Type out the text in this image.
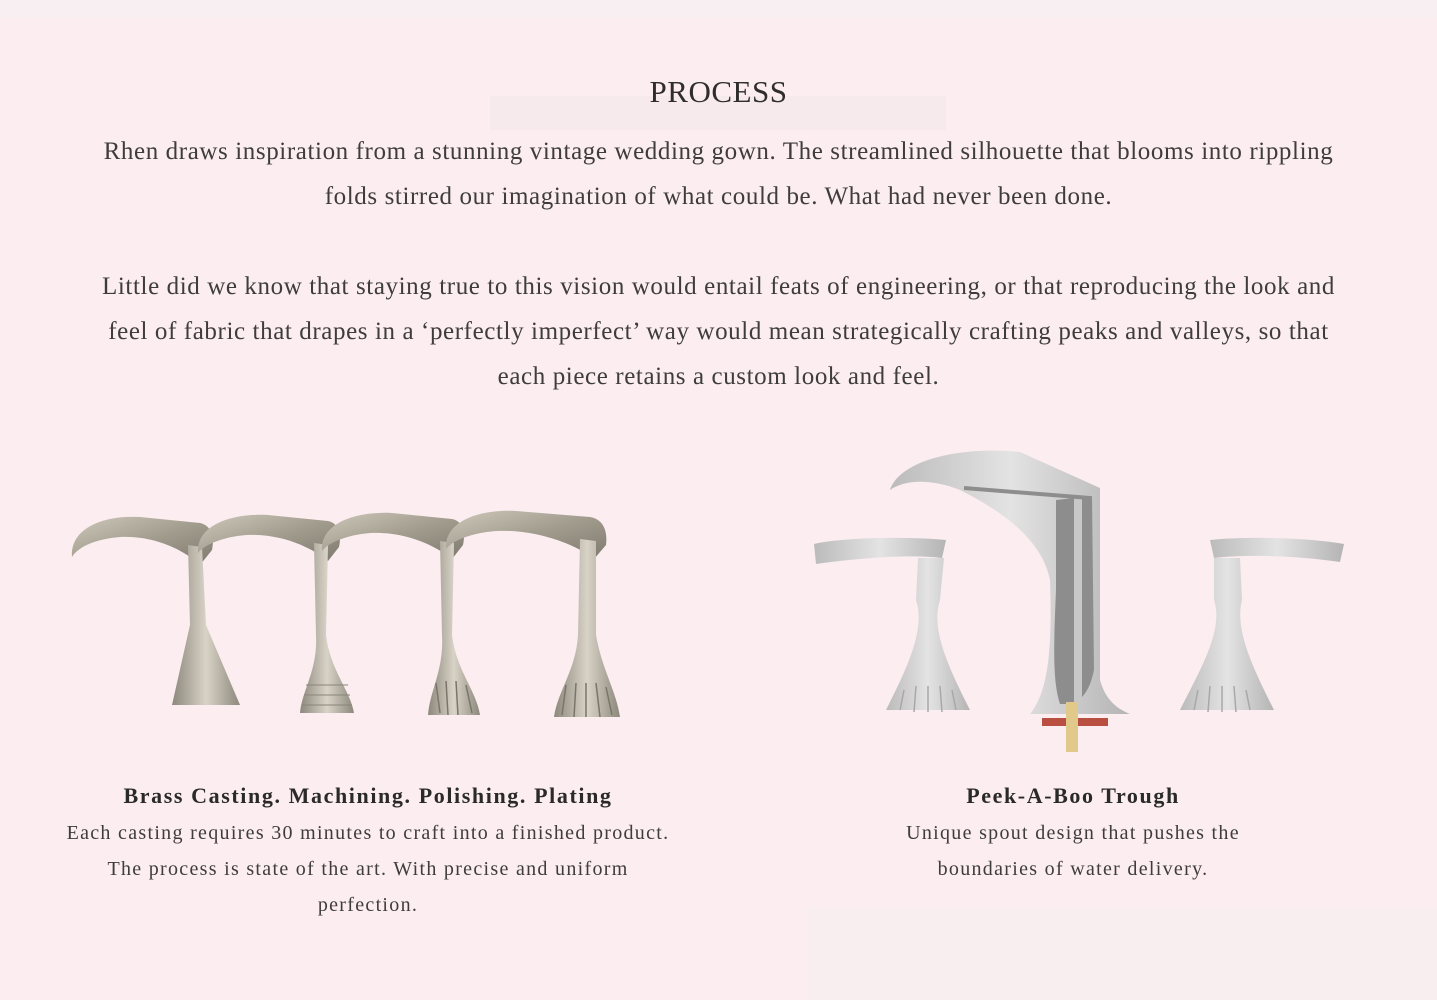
PROCESS

Rhen draws inspiration from a stunning vintage wedding gown. The streamlined silhouette that blooms into rippling folds stirred our imagination of what could be. What had never been done.

Little did we know that staying true to this vision would entail feats of engineering, or that reproducing the look and feel of fabric that drapes in a ‘perfectly imperfect’ way would mean strategically crafting peaks and valleys, so that each piece retains a custom look and feel.

Brass Casting. Machining. Polishing. Plating

Each casting requires 30 minutes to craft into a finished product. The process is state of the art. With precise and uniform perfection.

Peek-A-Boo Trough

Unique spout design that pushes the boundaries of water delivery.
